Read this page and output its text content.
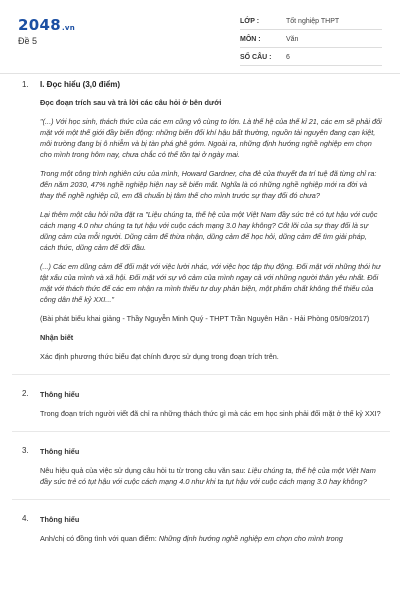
2048.vn
Đề 5
LỚP :	Tốt nghiệp THPT
MÔN :	Văn
SỐ CÂU :	6
1.	I. Đọc hiểu (3,0 điểm)

Đọc đoạn trích sau và trả lời các câu hỏi ở bên dưới

"(...) Với học sinh, thách thức của các em cũng vô cùng to lớn. Là thế hệ của thế kỉ 21, các em sẽ phải đối mặt với một thế giới đầy biến động: những biến đổi khí hậu bất thường, nguồn tài nguyên đang cạn kiệt, môi trường đang bị ô nhiễm và bị tàn phá ghê gớm. Ngoài ra, những định hướng nghề nghiệp em chọn cho mình trong hôm nay, chưa chắc có thể tồn tại ở ngày mai.

Trong một công trình nghiên cứu của mình, Howard Gardner, cha đẻ của thuyết đa trí tuệ đã từng chỉ ra: đến năm 2030, 47% nghề nghiệp hiện nay sẽ biến mất. Nghĩa là có những nghề nghiệp mới ra đời và thay thế nghề nghiệp cũ, em đã chuẩn bị tâm thế cho mình trước sự thay đổi đó chưa?

Lại thêm một câu hỏi nữa đặt ra "Liệu chúng ta, thế hệ của một Việt Nam đầy sức trẻ có tụt hậu với cuộc cách mạng 4.0 như chúng ta tụt hậu với cuộc cách mạng 3.0 hay không? Cốt lõi của sự thay đổi là sự dũng cảm của mỗi người. Dũng cảm để thừa nhận, dũng cảm để học hỏi, dũng cảm để tìm giải pháp, cách thức, dũng cảm để đổi đầu.

(...) Các em dũng cảm để đối mặt với việc lười nhác, với việc học tập thụ động. Đối mặt với những thói hư tật xấu của mình và xã hội. Đối mặt với sự vô cảm của mình ngay cả với những người thân yêu nhất. Đối mặt với thách thức để các em nhận ra mình thiếu tư duy phản biện, một phẩm chất không thể thiếu của công dân thế kỷ XXI..."

(Bài phát biểu khai giảng - Thầy Nguyễn Minh Quý - THPT Trần Nguyên Hãn - Hải Phòng 05/09/2017)

Nhận biết

Xác định phương thức biểu đạt chính được sử dụng trong đoạn trích trên.

2.	Thông hiểu

Trong đoạn trích người viết đã chỉ ra những thách thức gì mà các em học sinh phải đối mặt ở thế kỷ XXI?

3.	Thông hiểu

Nêu hiệu quả của việc sử dụng câu hỏi tu từ trong câu văn sau: Liệu chúng ta, thế hệ của một Việt Nam đầy sức trẻ có tụt hậu với cuộc cách mạng 4.0 như khi ta tụt hậu với cuộc cách mạng 3.0 hay không?

4.	Thông hiểu

Anh/chị có đồng tình với quan điểm: Những định hướng nghề nghiệp em chọn cho mình trong
